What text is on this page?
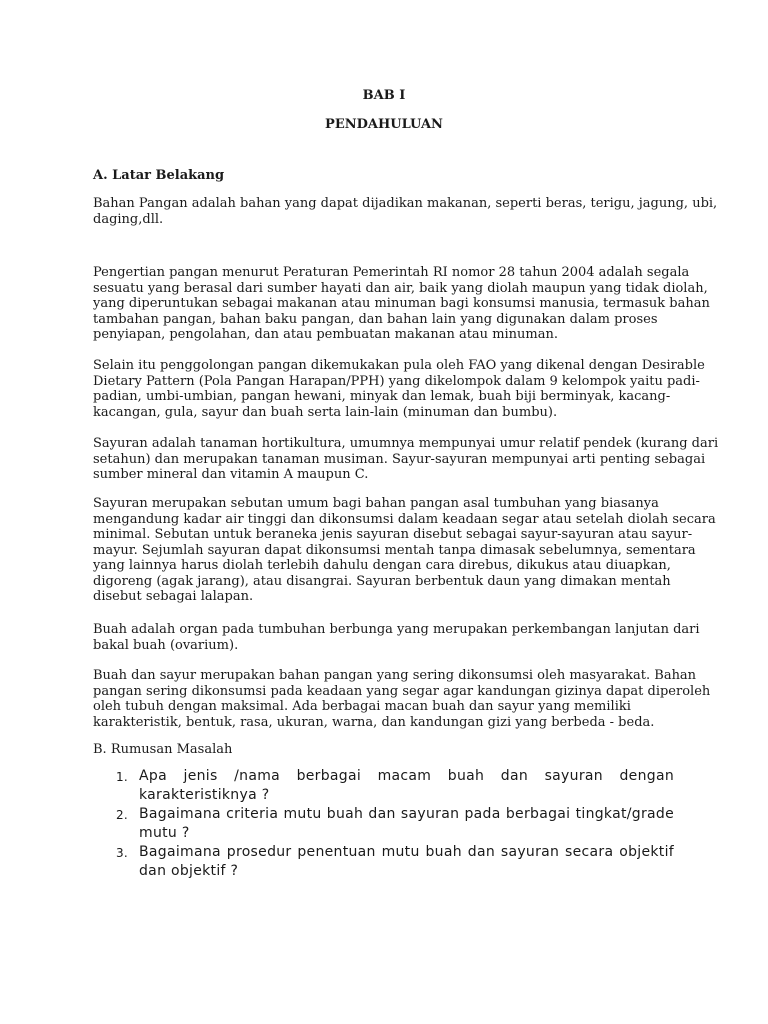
BAB I
PENDAHULUAN
A. Latar Belakang
Bahan Pangan adalah bahan yang dapat dijadikan makanan, seperti beras, terigu, jagung, ubi,
daging,dll.
Pengertian pangan menurut Peraturan Pemerintah RI nomor 28 tahun 2004 adalah segala
sesuatu yang berasal dari sumber hayati dan air, baik yang diolah maupun yang tidak diolah,
yang diperuntukan sebagai makanan atau minuman bagi konsumsi manusia, termasuk bahan
tambahan pangan, bahan baku pangan, dan bahan lain yang digunakan dalam proses
penyiapan, pengolahan, dan atau pembuatan makanan atau minuman.
Selain itu penggolongan pangan dikemukakan pula oleh FAO yang dikenal dengan Desirable
Dietary Pattern (Pola Pangan Harapan/PPH) yang dikelompok dalam 9 kelompok yaitu padi-
padian, umbi-umbian, pangan hewani, minyak dan lemak, buah biji berminyak, kacang-
kacangan, gula, sayur dan buah serta lain-lain (minuman dan bumbu).
Sayuran adalah tanaman hortikultura, umumnya mempunyai umur relatif pendek (kurang dari
setahun) dan merupakan tanaman musiman. Sayur-sayuran mempunyai arti penting sebagai
sumber mineral dan vitamin A maupun C.
Sayuran merupakan sebutan umum bagi bahan pangan asal tumbuhan yang biasanya
mengandung kadar air tinggi dan dikonsumsi dalam keadaan segar atau setelah diolah secara
minimal. Sebutan untuk beraneka jenis sayuran disebut sebagai sayur-sayuran atau sayur-
mayur. Sejumlah sayuran dapat dikonsumsi mentah tanpa dimasak sebelumnya, sementara
yang lainnya harus diolah terlebih dahulu dengan cara direbus, dikukus atau diuapkan,
digoreng (agak jarang), atau disangrai. Sayuran berbentuk daun yang dimakan mentah
disebut sebagai lalapan.
Buah adalah organ pada tumbuhan berbunga yang merupakan perkembangan lanjutan dari
bakal buah (ovarium).
Buah dan sayur merupakan bahan pangan yang sering dikonsumsi oleh masyarakat. Bahan
pangan sering dikonsumsi pada keadaan yang segar agar kandungan gizinya dapat diperoleh
oleh tubuh dengan maksimal. Ada berbagai macan buah dan sayur yang memiliki
karakteristik, bentuk, rasa, ukuran, warna, dan kandungan gizi yang berbeda - beda.
B. Rumusan Masalah
1. Apa jenis /nama berbagai macam buah dan sayuran dengan karakteristiknya ?
2. Bagaimana criteria mutu buah dan sayuran pada berbagai tingkat/grade mutu ?
3. Bagaimana prosedur penentuan mutu buah dan sayuran secara objektif dan objektif ?
